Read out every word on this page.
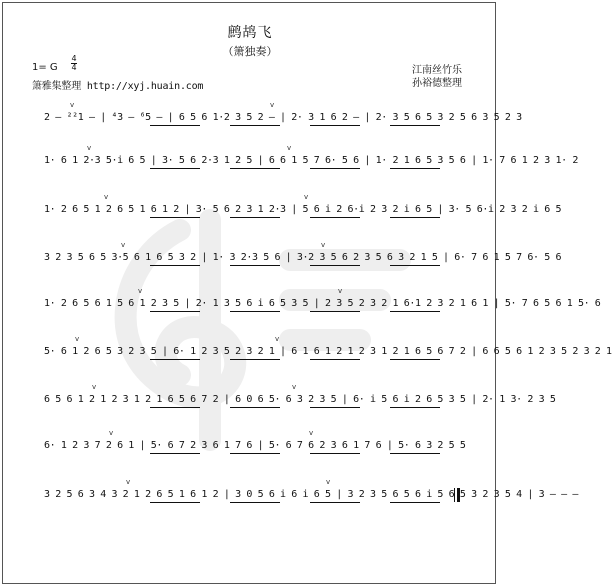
鹧鸪飞
（箫独奏）
1= G
4
4
箫雅集整理 http://xyj.huain.com
江南丝竹乐
孙裕德整理
2 ‒ ²²1 ‒ | ⁴3 ‒ ⁶5 ‒ | 6 5 6 1·2 3 5 2 ‒ | 2· 3 1 6 2 ‒ | 2· 3 5 6 5 3 2 5 6 3 5 2 3
v	v
1· 6 1 2·3 5·i 6 5 | 3· 5 6 2·3 1 2 5 | 6 6 1 5 7 6· 5 6 | 1· 2 1 6 5 3 5 6 | 1· 7 6 1 2 3 1· 2
v	v
1· 2 6 5 1 2 6 5 1 6 1 2 | 3· 5 6 2 3 1 2·3 | 5 6 i 2 6·i 2 3 2 i 6 5 | 3· 5 6·i 2 3 2 i 6 5
v	v
3 2 3 5 6 5 3·5 6 1 6 5 3 2 | 1· 3 2·3 5 6 | 3·2 3 5 6 2 3 5 6 3 2 1 5 | 6· 7 6 1 5 7 6· 5 6
v	v
1· 2 6 5 6 1 5 6 1 2 3 5 | 2· 1 3 5 6 i 6 5 3 5 | 2 3 5 2 3 2 1 6·1 2 3 2 1 6 1 | 5· 7 6 5 6 1 5· 6
v	v
5· 6 1 2 6 5 3 2 3 5 | 6· 1 2 3 5 2 3 2 1 | 6 1 6 1 2 1 2 3 1 2 1 6 5 6 7 2 | 6 6 5 6 1 2 3 5 2 3 2 1
v	v
6 5 6 1 2 1 2 3 1 2 1 6 5 6 7 2 | 6 0 6 5· 6 3 2 3 5 | 6· i 5 6 i 2 6 5 3 5 | 2· 1 3· 2 3 5
v	v
6· 1 2 3 7 2 6 1 | 5· 6 7 2 3 6 1 7 6 | 5· 6 7 6 2 3 6 1 7 6 | 5· 6 3 2 5 5
v	v
3 2 5 6 3 4 3 2 1 2 6 5 1 6 1 2 | 3 0 5 6 i 6 i 6 5 | 3 2 3 5 6 5 6 i 5 6 5 3 2 3 5 4 | 3 ‒ ‒ ‒
v	v
